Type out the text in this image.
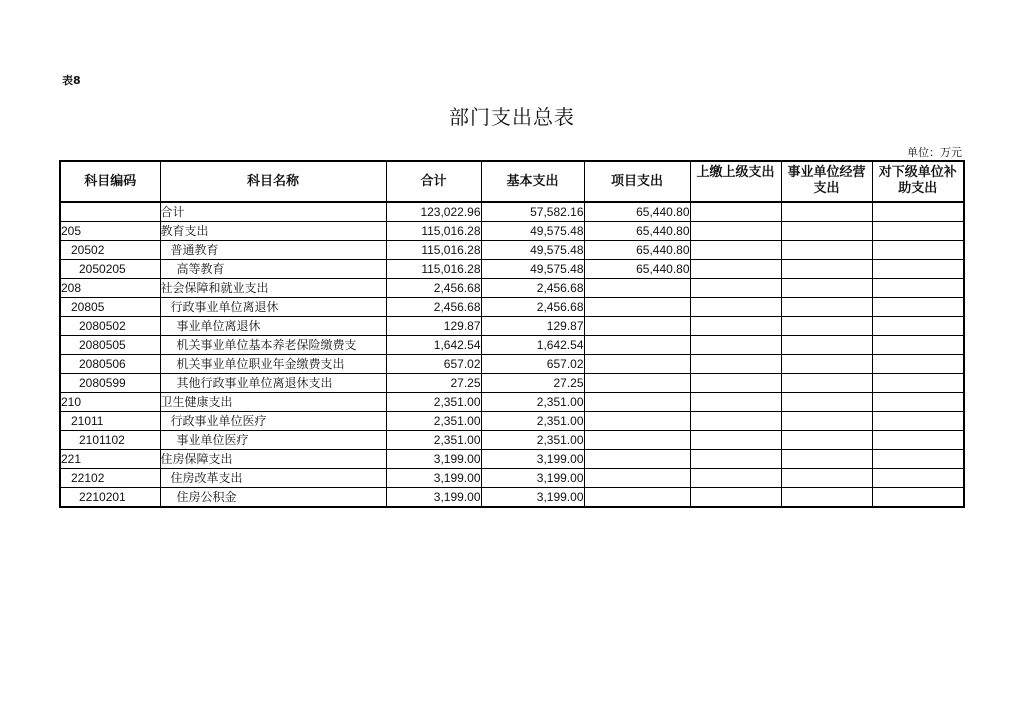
表8
部门支出总表
单位：万元
科目编码	科目名称	合计	基本支出	项目支出	上缴上级支出	事业单位经营支出	对下级单位补助支出
	合计	123,022.96	57,582.16	65,440.80			
205	教育支出	115,016.28	49,575.48	65,440.80			
20502	普通教育	115,016.28	49,575.48	65,440.80			
2050205	高等教育	115,016.28	49,575.48	65,440.80			
208	社会保障和就业支出	2,456.68	2,456.68				
20805	行政事业单位离退休	2,456.68	2,456.68				
2080502	事业单位离退休	129.87	129.87				
2080505	机关事业单位基本养老保险缴费支	1,642.54	1,642.54				
2080506	机关事业单位职业年金缴费支出	657.02	657.02				
2080599	其他行政事业单位离退休支出	27.25	27.25				
210	卫生健康支出	2,351.00	2,351.00				
21011	行政事业单位医疗	2,351.00	2,351.00				
2101102	事业单位医疗	2,351.00	2,351.00				
221	住房保障支出	3,199.00	3,199.00				
22102	住房改革支出	3,199.00	3,199.00				
2210201	住房公积金	3,199.00	3,199.00				
